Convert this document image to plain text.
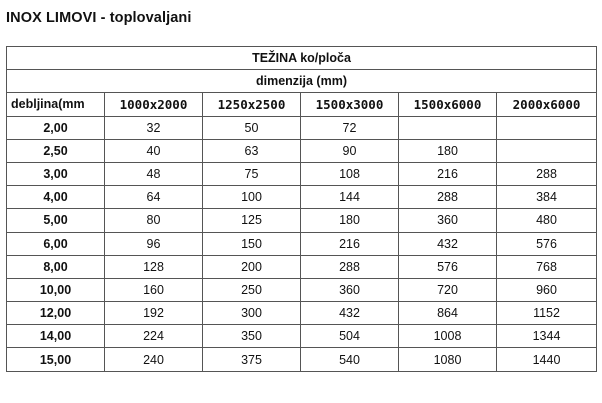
INOX LIMOVI - toplovaljani
TEŽINA ko/ploča					
dimenzija (mm)					
debljina(mm	1000x2000	1250x2500	1500x3000	1500x6000	2000x6000
2,00	32	50	72		
2,50	40	63	90	180	
3,00	48	75	108	216	288
4,00	64	100	144	288	384
5,00	80	125	180	360	480
6,00	96	150	216	432	576
8,00	128	200	288	576	768
10,00	160	250	360	720	960
12,00	192	300	432	864	1152
14,00	224	350	504	1008	1344
15,00	240	375	540	1080	1440
